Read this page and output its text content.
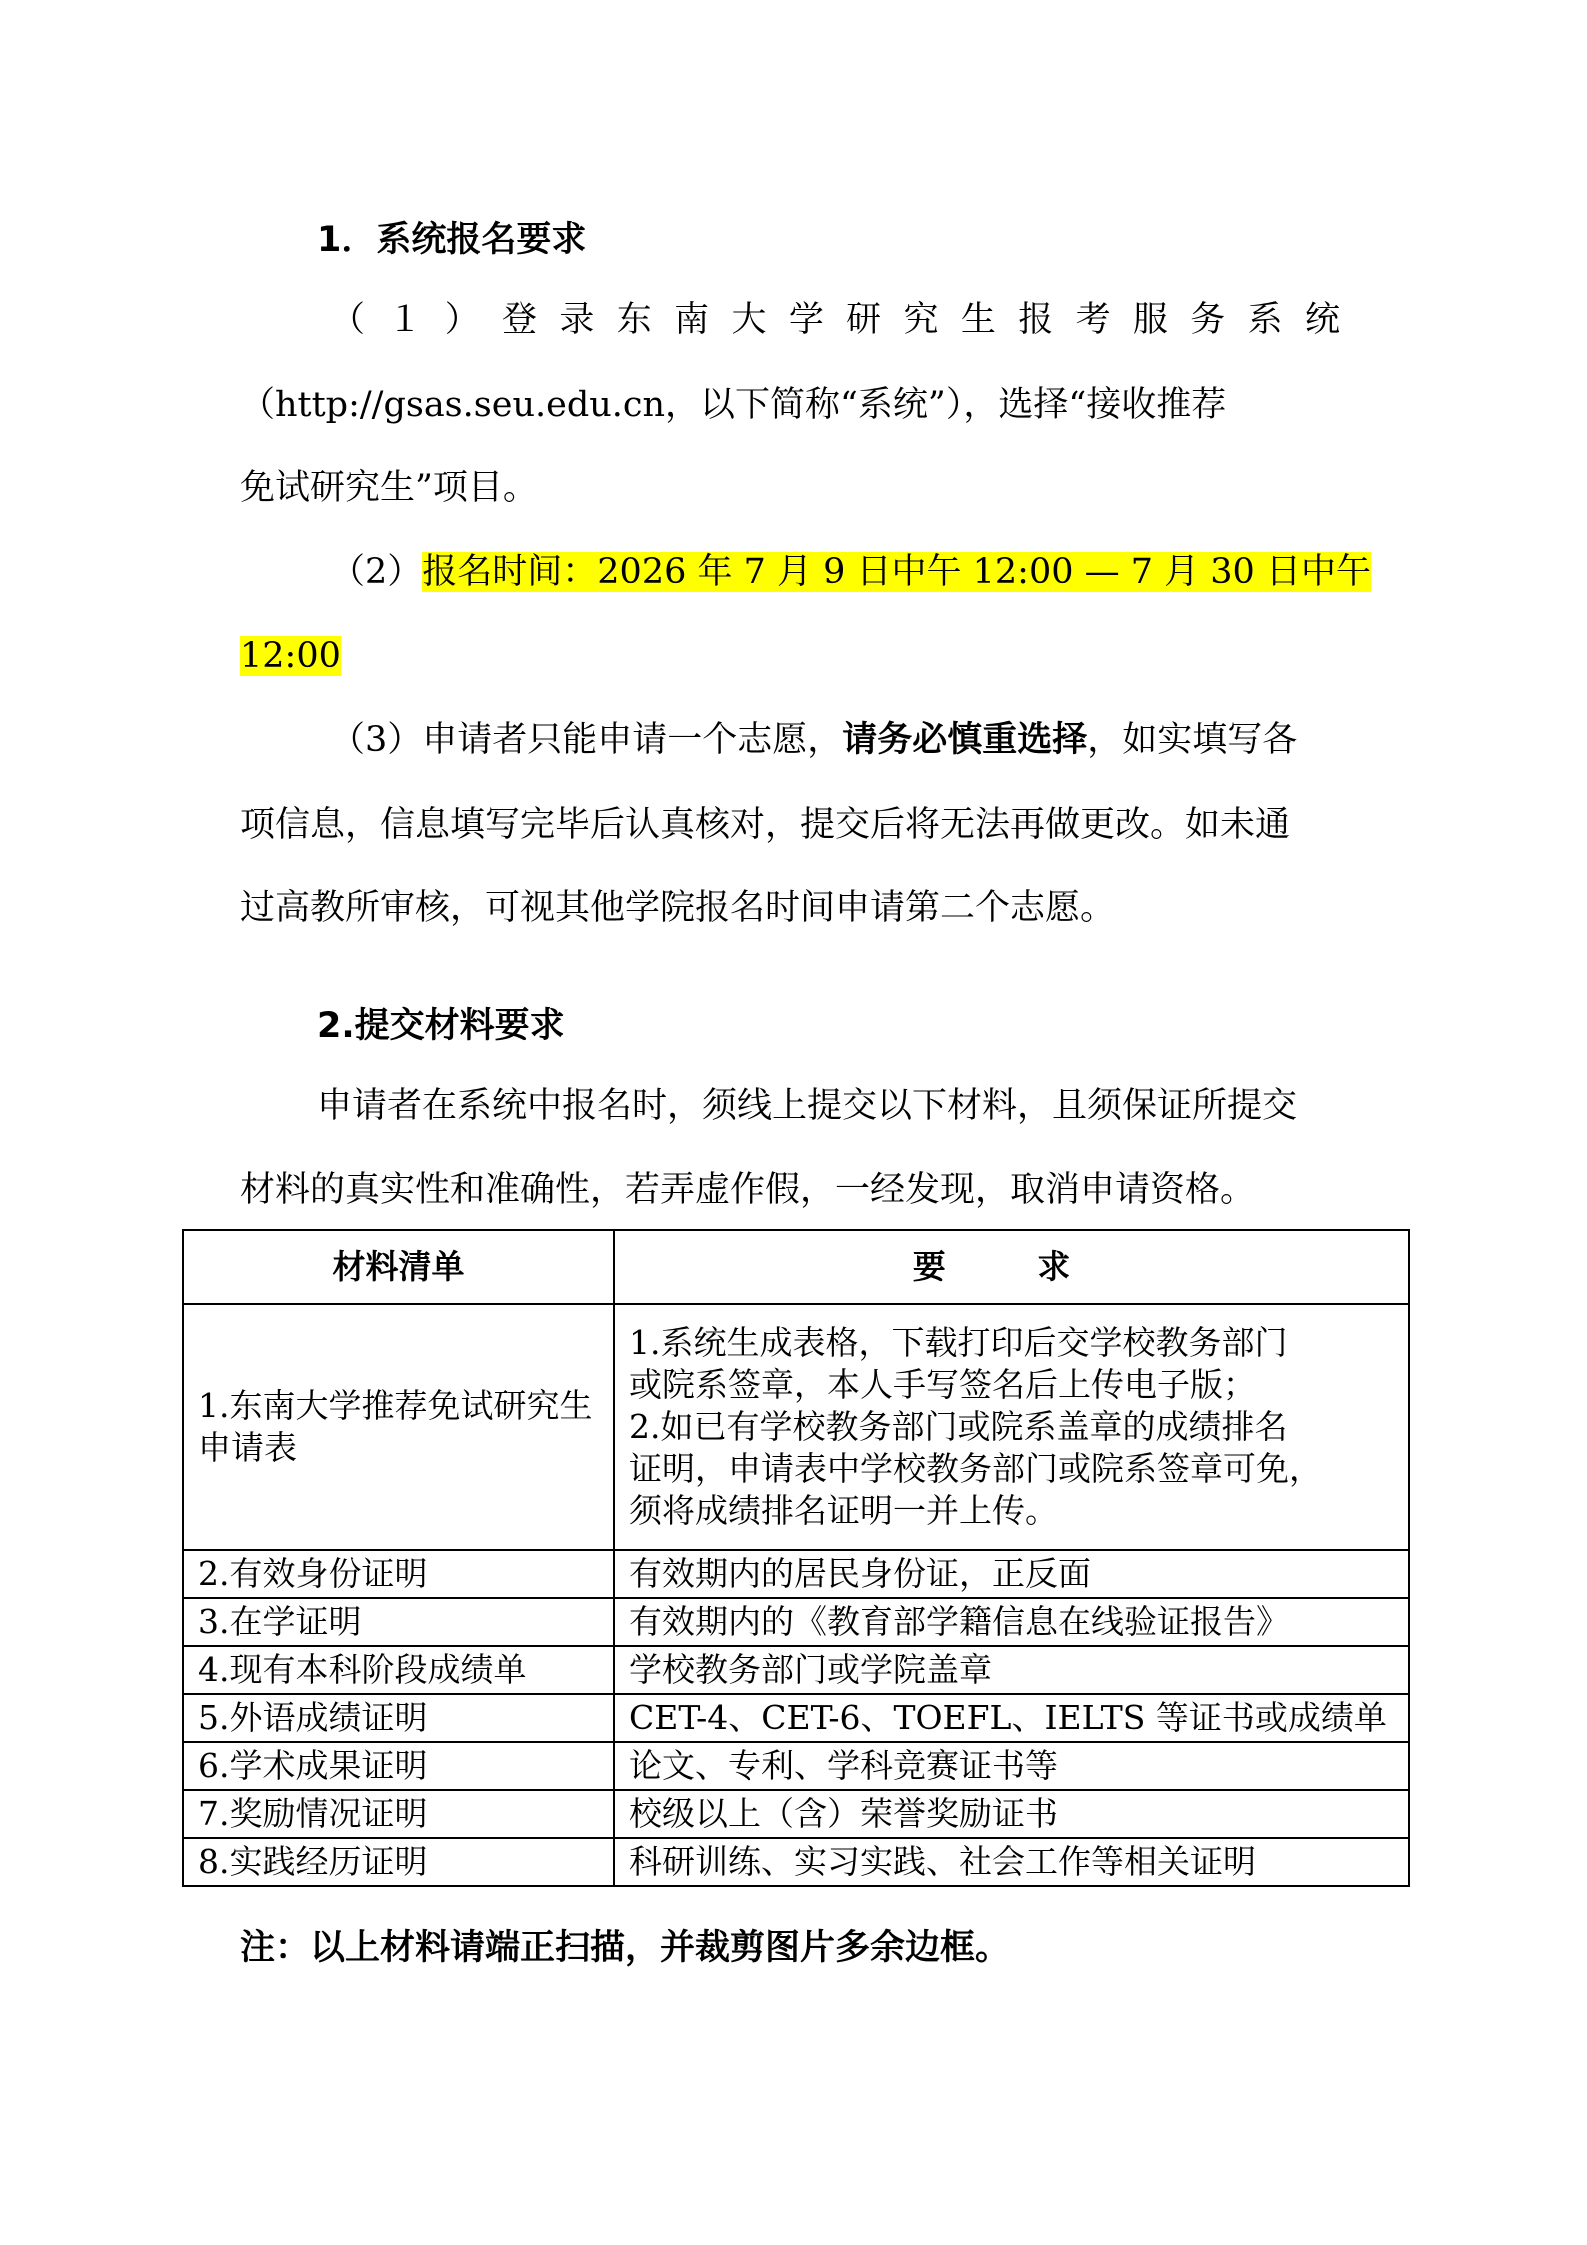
1．系统报名要求
（１）登录东南大学研究生报考服务系统
（http://gsas.seu.edu.cn，以下简称“系统”），选择“接收推荐
免试研究生”项目。
（2）报名时间：2026 年 7 月 9 日中午 12:00 — 7 月 30 日中午
12:00
（3）申请者只能申请一个志愿，请务必慎重选择，如实填写各
项信息，信息填写完毕后认真核对，提交后将无法再做更改。如未通
过高教所审核，可视其他学院报名时间申请第二个志愿。
2.提交材料要求
申请者在系统中报名时，须线上提交以下材料，且须保证所提交
材料的真实性和准确性，若弄虚作假，一经发现，取消申请资格。
材料清单	要 求
1.东南大学推荐免试研究生申请表	1.系统生成表格，下载打印后交学校教务部门
或院系签章，本人手写签名后上传电子版；
2.如已有学校教务部门或院系盖章的成绩排名
证明，申请表中学校教务部门或院系签章可免，
须将成绩排名证明一并上传。

2.有效身份证明	有效期内的居民身份证，正反面
3.在学证明	有效期内的《教育部学籍信息在线验证报告》
4.现有本科阶段成绩单	学校教务部门或学院盖章
5.外语成绩证明	CET-4、CET-6、TOEFL、IELTS 等证书或成绩单
6.学术成果证明	论文、专利、学科竞赛证书等
7.奖励情况证明	校级以上（含）荣誉奖励证书
8.实践经历证明	科研训练、实习实践、社会工作等相关证明
注：以上材料请端正扫描，并裁剪图片多余边框。
